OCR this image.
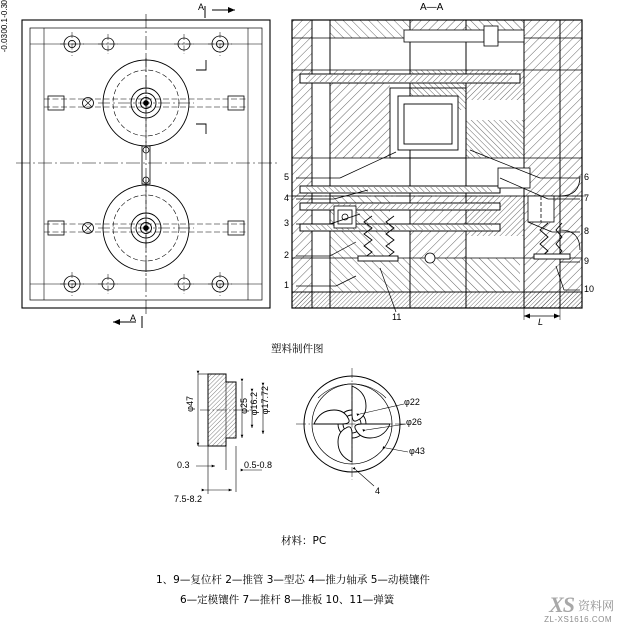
A
A
A—A
5
4
3
2
1
6
7
8
9
10
11	L
塑料制件图
φ47
0
-0.3
φ25
0.1
φ16.2 φ17.72
0
-0.03
0.3	0.5-0.8
7.5-8.2
φ22
φ26
φ43
4
材料：PC
1、9—复位杆 2—推管 3—型芯 4—推力轴承 5—动模镶件
6—定模镶件 7—推杆 8—推板 10、11—弹簧	XS 资料网
ZL-XS1616.COM
